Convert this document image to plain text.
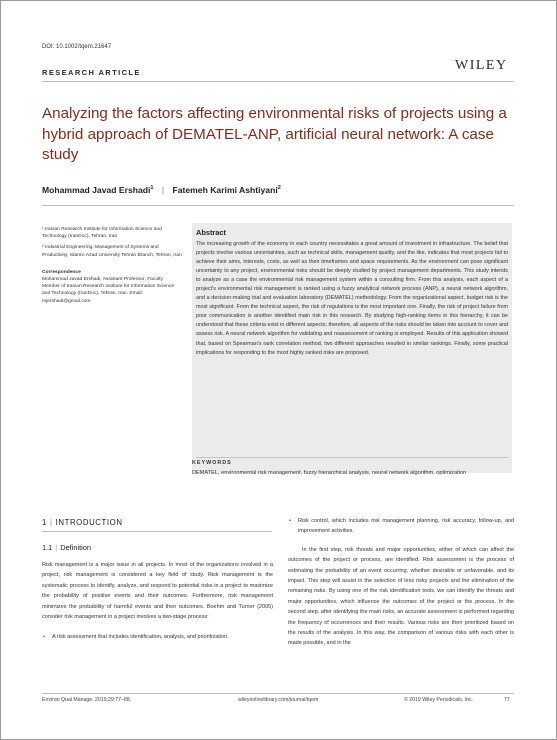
DOI: 10.1002/tqem.21647
RESEARCH ARTICLE	WILEY
Analyzing the factors affecting environmental risks of projects using a hybrid approach of DEMATEL-ANP, artificial neural network: A case study
Mohammad Javad Ershadi$^1$ | Fatemeh Karimi Ashtiyani$^2$

¹ Iranian Research Institute for Information Science and Technology (IranDoc), Tehran, Iran

² Industrial Engineering, Management of Systems and Productivity, Islamic Azad University Tehran Branch, Tehran, Iran

Correspondence

Mohammad Javad Ershadi, Assistant Professor, Faculty Member of Iranian Research Institute for Information Science and Technology (IranDoc), Tehran, Iran. Email: mjershadi@gmail.com

Abstract
The increasing growth of the economy in each country necessitates a great amount of investment in infrastructure. The belief that projects involve various uncertainties, such as technical skills, management quality, and the like, indicates that most projects fail to achieve their aims, interests, costs, as well as their timeframes and space requirements. As the environment can pose significant uncertainty to any project, environmental risks should be deeply studied by project management departments. This study intends to analyze as a case the environmental risk management system within a consulting firm. From this analysis, each aspect of a project's environmental risk management is ranked using a fuzzy analytical network process (ANP), a neural network algorithm, and a decision-making trial and evaluation laboratory (DEMATEL) methodology. From the organizational aspect, budget risk is the most significant. From the technical aspect, the risk of regulations is the most important one. Finally, the risk of project failure from poor communication is another identified main risk in this research. By studying high-ranking items in this hierarchy, it can be understood that these criteria exist in different aspects; therefore, all aspects of the risks should be taken into account to cover and assess risk. A neural network algorithm for validating and reassessment of ranking is employed. Results of this application showed that, based on Spearman's rank correlation method, two different approaches resulted in similar rankings. Finally, some practical implications for responding to the most highly ranked risks are proposed.
KEYWORDS
DEMATEL, environmental risk management, fuzzy hierarchical analysis, neural network algorithm, optimization
1 | INTRODUCTION
1.1 | Definition

Risk management is a major issue in all projects. In most of the organizations involved in a project, risk management is considered a key field of study. Risk management is the systematic process to identify, analyze, and respond to potential risks in a project to maximize the probability of positive events and their outcomes. Furthermore, risk management minimizes the probability of harmful events and their outcomes. Boehm and Turner (2005) consider risk management in a project involves a two-stage process:

• A risk assessment that includes identification, analysis, and prioritization.
• Risk control, which includes risk management planning, risk accuracy, follow-up, and improvement activities.

In the first step, risk threats and major opportunities, either of which can affect the outcomes of the project or process, are identified. Risk assessment is the process of estimating the probability of an event occurring, whether desirable or unfavorable, and its impact. This step will assist in the selection of less risky projects and the elimination of the remaining risks. By using one of the risk identification tools, we can identify the threats and major opportunities, which influence the outcomes of the project or the process. In the second step, after identifying the main risks, an accurate assessment is performed regarding the frequency of occurrences and their results. Various risks are then prioritized based on the results of the analysis. In this way, the comparison of various risks with each other is made possible, and in the

Environ Qual Manage. 2019;29:77–88.	wileyonlinelibrary.com/journal/tqem	© 2019 Wiley Periodicals, Inc.	77
